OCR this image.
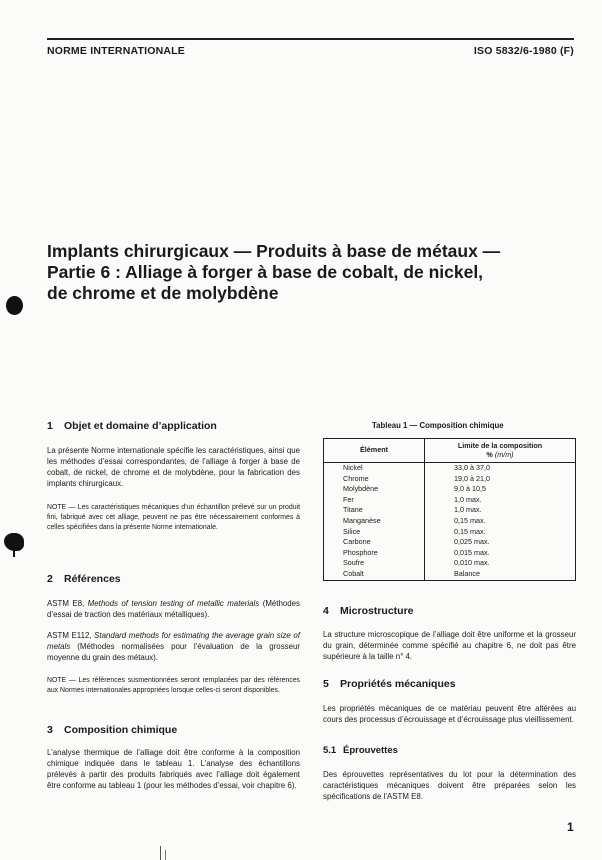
NORME INTERNATIONALE	ISO 5832/6-1980 (F)
Implants chirurgicaux — Produits à base de métaux —
Partie 6 : Alliage à forger à base de cobalt, de nickel,
de chrome et de molybdène
1 Objet et domaine d’application
La présente Norme internationale spécifie les caractéristiques, ainsi que les méthodes d’essai correspondantes, de l’alliage à forger à base de cobalt, de nickel, de chrome et de molybdène, pour la fabrication des implants chirurgicaux.
NOTE — Les caractéristiques mécaniques d’un échantillon prélevé sur un produit fini, fabriqué avec cet alliage, peuvent ne pas être nécessairement conformes à celles spécifiées dans la présente Norme internationale.
2 Références
ASTM E8, Methods of tension testing of metallic materials (Méthodes d’essai de traction des matériaux métalliques).
ASTM E112, Standard methods for estimating the average grain size of metals (Méthodes normalisées pour l’évaluation de la grosseur moyenne du grain des métaux).
NOTE — Les références susmentionnées seront remplacées par des références aux Normes internationales appropriées lorsque celles-ci seront disponibles.
3 Composition chimique
L’analyse thermique de l’alliage doit être conforme à la composition chimique indiquée dans le tableau 1. L’analyse des échantillons prélevés à partir des produits fabriqués avec l’alliage doit également être conforme au tableau 1 (pour les méthodes d’essai, voir chapitre 6).
Tableau 1 — Composition chimique
Élément	Limite de la composition
% (m/m)
Nickel	33,0 à 37,0
Chrome	19,0 à 21,0
Molybdène	9,0 à 10,5
Fer	1,0 max.
Titane	1,0 max.
Manganèse	0,15 max.
Silice	0,15 max.
Carbone	0,025 max.
Phosphore	0,015 max.
Soufre	0,010 max.
Cobalt	Balance
4 Microstructure
La structure microscopique de l’alliage doit être uniforme et la grosseur du grain, déterminée comme spécifié au chapitre 6, ne doit pas être supérieure à la taille n° 4.
5 Propriétés mécaniques
Les propriétés mécaniques de ce matériau peuvent être altérées au cours des processus d’écrouissage et d’écrouissage plus vieillissement.
5.1 Éprouvettes
Des éprouvettes représentatives du lot pour la détermination des caractéristiques mécaniques doivent être préparées selon les spécifications de l’ASTM E8.
1
